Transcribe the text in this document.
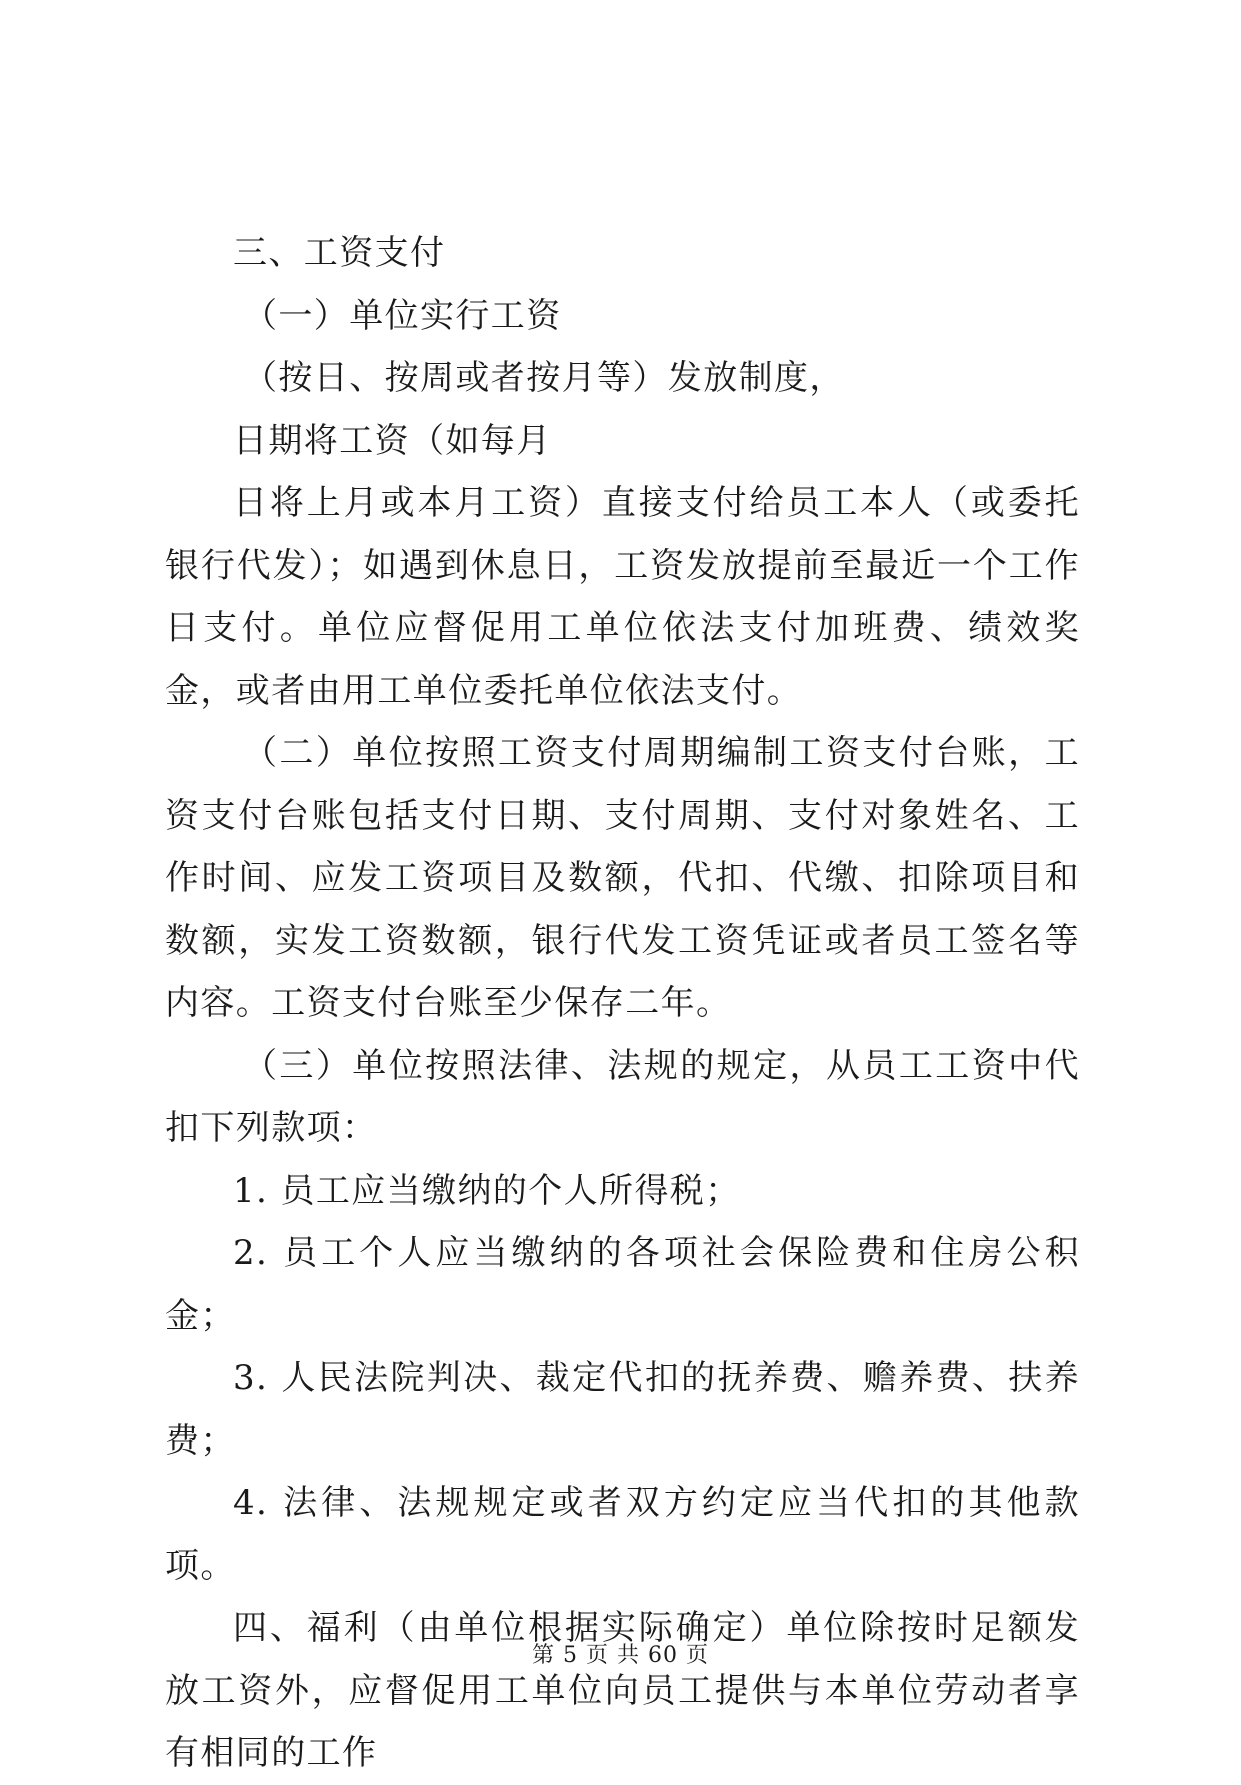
三、工资支付

（一）单位实行工资

（按日、按周或者按月等）发放制度，

日期将工资（如每月

日将上月或本月工资）直接支付给员工本人（或委托银行代发）；如遇到休息日，工资发放提前至最近一个工作日支付。单位应督促用工单位依法支付加班费、绩效奖金，或者由用工单位委托单位依法支付。

（二）单位按照工资支付周期编制工资支付台账，工资支付台账包括支付日期、支付周期、支付对象姓名、工作时间、应发工资项目及数额，代扣、代缴、扣除项目和数额，实发工资数额，银行代发工资凭证或者员工签名等内容。工资支付台账至少保存二年。

（三）单位按照法律、法规的规定，从员工工资中代扣下列款项：

1. 员工应当缴纳的个人所得税；

2. 员工个人应当缴纳的各项社会保险费和住房公积金；

3. 人民法院判决、裁定代扣的抚养费、赡养费、扶养费；

4. 法律、法规规定或者双方约定应当代扣的其他款项。

四、福利（由单位根据实际确定）单位除按时足额发放工资外，应督促用工单位向员工提供与本单位劳动者享有相同的工作

第 5 页 共 60 页
